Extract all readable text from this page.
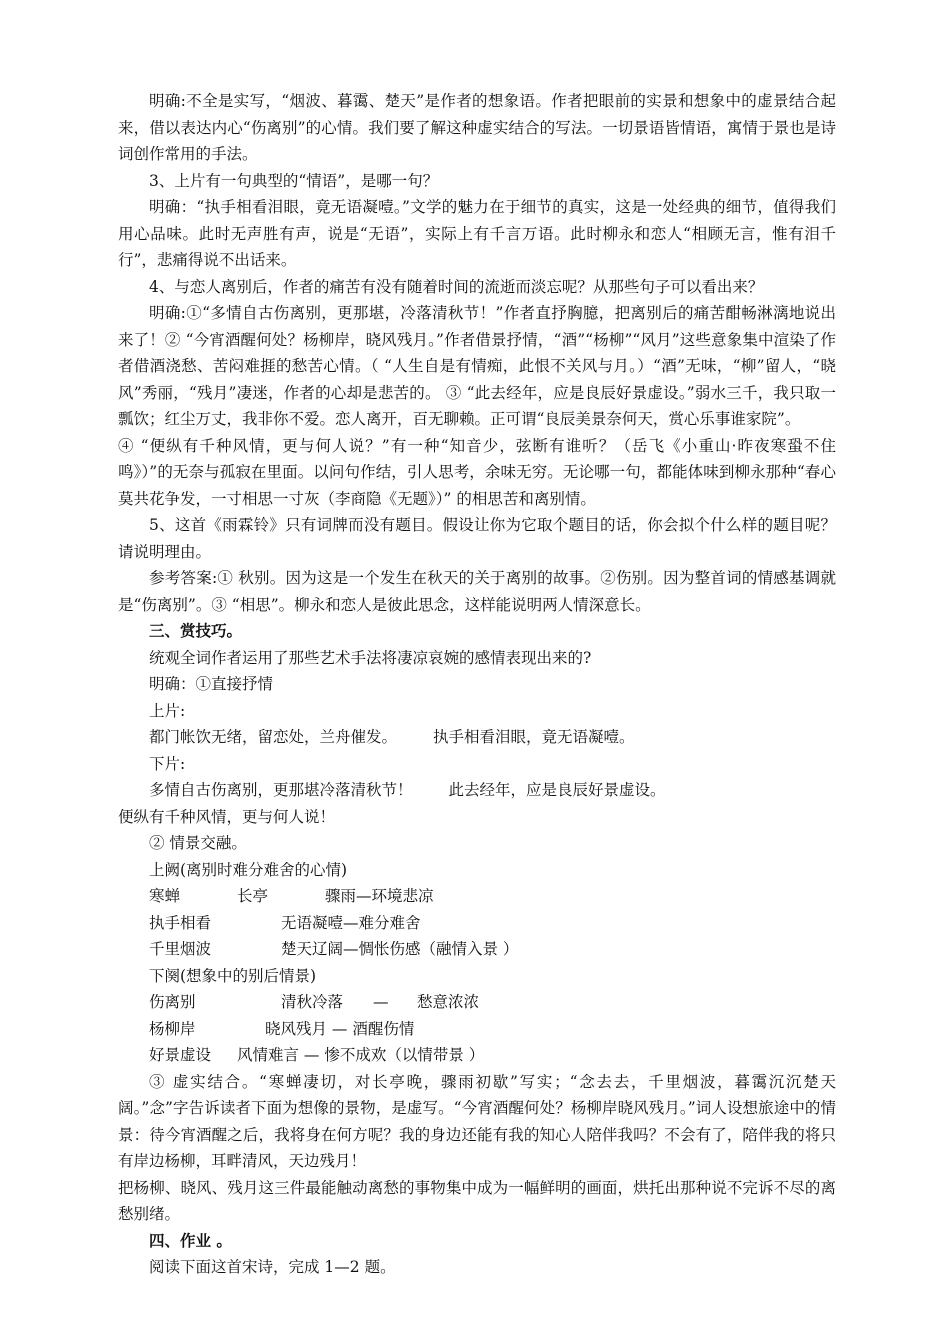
明确:不全是实写，“烟波、暮霭、楚天”是作者的想象语。作者把眼前的实景和想象中的虚景结合起来，借以表达内心“伤离别”的心情。我们要了解这种虚实结合的写法。一切景语皆情语，寓情于景也是诗词创作常用的手法。

3、上片有一句典型的“情语”，是哪一句？

明确：“执手相看泪眼，竟无语凝噎。”文学的魅力在于细节的真实，这是一处经典的细节，值得我们用心品味。此时无声胜有声，说是“无语”，实际上有千言万语。此时柳永和恋人“相顾无言，惟有泪千行”，悲痛得说不出话来。

4、与恋人离别后，作者的痛苦有没有随着时间的流逝而淡忘呢？从那些句子可以看出来？

明确:①“多情自古伤离别，更那堪，冷落清秋节！”作者直抒胸臆，把离别后的痛苦酣畅淋漓地说出来了！② “今宵酒醒何处？杨柳岸，晓风残月。”作者借景抒情，“酒”“杨柳”“风月”这些意象集中渲染了作者借酒浇愁、苦闷难捱的愁苦心情。（ “人生自是有情痴，此恨不关风与月。）“酒”无味，“柳”留人，“晓风”秀丽，“残月”凄迷，作者的心却是悲苦的。 ③ “此去经年，应是良辰好景虚设。”弱水三千，我只取一瓢饮；红尘万丈，我非你不爱。恋人离开，百无聊赖。正可谓“良辰美景奈何天，赏心乐事谁家院”。

④ “便纵有千种风情，更与何人说？”有一种“知音少，弦断有谁听？（岳飞《小重山·昨夜寒蛩不住鸣》）”的无奈与孤寂在里面。以问句作结，引人思考，余味无穷。无论哪一句，都能体味到柳永那种“春心莫共花争发，一寸相思一寸灰（李商隐《无题》）” 的相思苦和离别情。

5、这首《雨霖铃》只有词牌而没有题目。假设让你为它取个题目的话，你会拟个什么样的题目呢？请说明理由。

参考答案:① 秋别。因为这是一个发生在秋天的关于离别的故事。②伤别。因为整首词的情感基调就是“伤离别”。③ “相思”。柳永和恋人是彼此思念，这样能说明两人情深意长。

三、赏技巧。

统观全词作者运用了那些艺术手法将凄凉哀婉的感情表现出来的?

明确：①直接抒情

上片:

都门帐饮无绪，留恋处，兰舟催发。 执手相看泪眼，竟无语凝噎。

下片:

多情自古伤离别，更那堪冷落清秋节！ 此去经年，应是良辰好景虚设。

便纵有千种风情，更与何人说！

② 情景交融。

上阙(离别时难分难舍的心情)

寒蝉	长亭	骤雨—环境悲凉

执手相看	无语凝噎—难分难舍

千里烟波	楚天辽阔—惆怅伤感（融情入景 ）

下阕(想象中的别后情景)

伤离别	清秋冷落 — 愁意浓浓

杨柳岸	晓风残月 — 酒醒伤情

好景虚设 风情难言 — 惨不成欢（以情带景 ）

③ 虚实结合。“寒蝉凄切，对长亭晚，骤雨初歇”写实；“念去去，千里烟波，暮霭沉沉楚天阔。”念”字告诉读者下面为想像的景物，是虚写。“今宵酒醒何处？杨柳岸晓风残月。”词人设想旅途中的情景：待今宵酒醒之后，我将身在何方呢？我的身边还能有我的知心人陪伴我吗？不会有了，陪伴我的将只有岸边杨柳，耳畔清风，天边残月！

把杨柳、晓风、残月这三件最能触动离愁的事物集中成为一幅鲜明的画面，烘托出那种说不完诉不尽的离愁别绪。

四、作业 。

阅读下面这首宋诗，完成 1—2 题。
